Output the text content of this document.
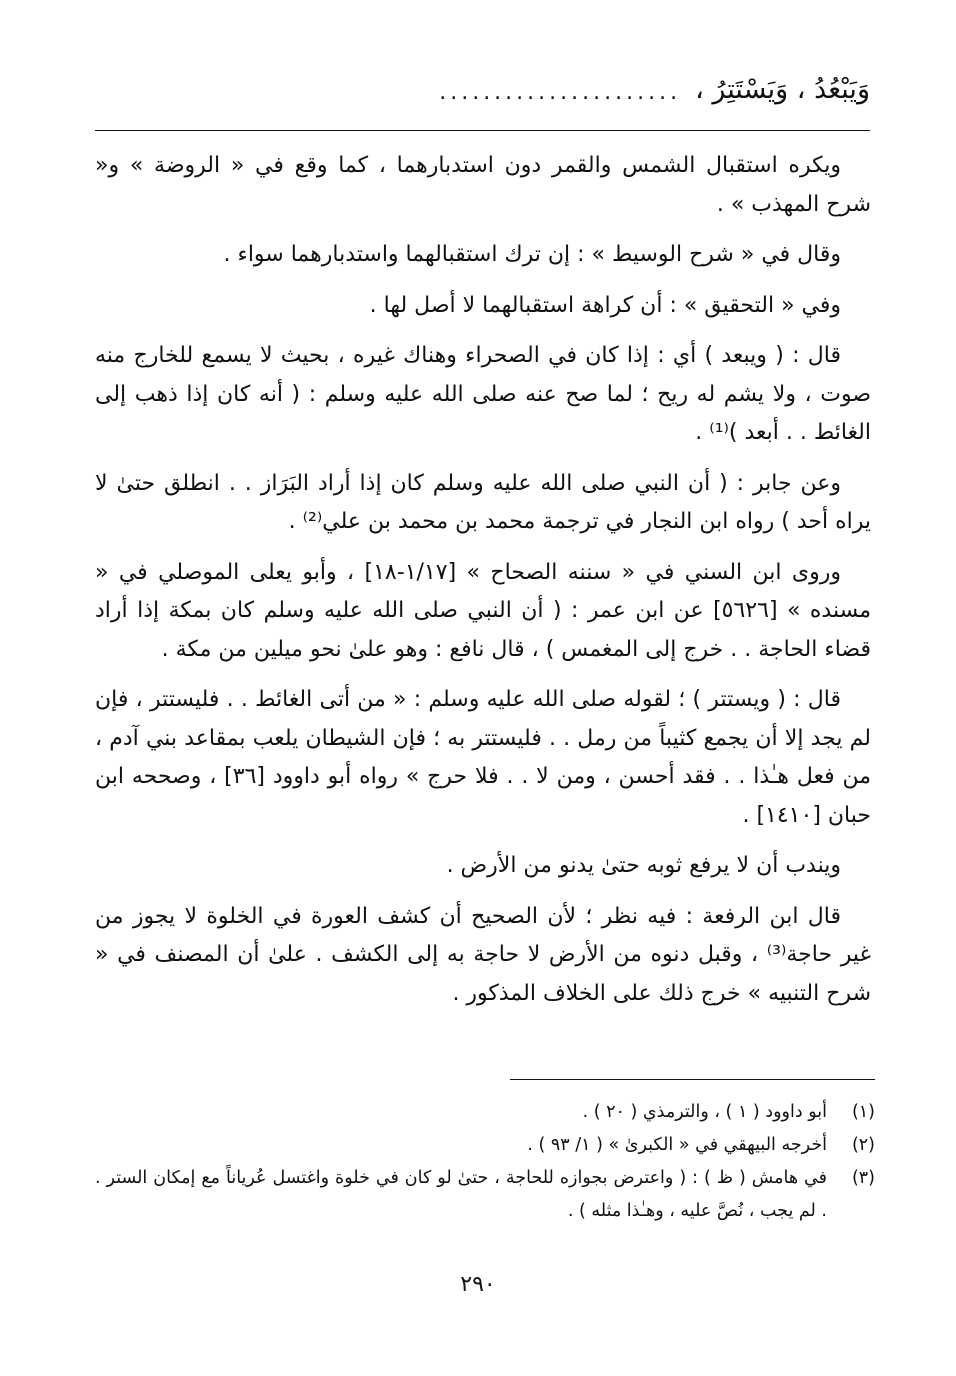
وَيَبْعُدُ ، وَيَسْتَتِرُ ،
......................

ويكره استقبال الشمس والقمر دون استدبارهما ، كما وقع في « الروضة » و« شرح المهذب » .

وقال في « شرح الوسيط » : إن ترك استقبالهما واستدبارهما سواء .

وفي « التحقيق » : أن كراهة استقبالهما لا أصل لها .

قال : ( ويبعد ) أي : إذا كان في الصحراء وهناك غيره ، بحيث لا يسمع للخارج منه صوت ، ولا يشم له ريح ؛ لما صح عنه صلى الله عليه وسلم : ( أنه كان إذا ذهب إلى الغائط . . أبعد )⁽¹⁾ .

وعن جابر : ( أن النبي صلى الله عليه وسلم كان إذا أراد البَرَاز . . انطلق حتىٰ لا يراه أحد ) رواه ابن النجار في ترجمة محمد بن محمد بن علي⁽²⁾ .

وروى ابن السني في « سننه الصحاح » [١/١٧-١٨] ، وأبو يعلى الموصلي في « مسنده » [٥٦٢٦] عن ابن عمر : ( أن النبي صلى الله عليه وسلم كان بمكة إذا أراد قضاء الحاجة . . خرج إلى المغمس ) ، قال نافع : وهو علىٰ نحو ميلين من مكة .

قال : ( ويستتر ) ؛ لقوله صلى الله عليه وسلم : « من أتى الغائط . . فليستتر ، فإن لم يجد إلا أن يجمع كثيباً من رمل . . فليستتر به ؛ فإن الشيطان يلعب بمقاعد بني آدم ، من فعل هـٰذا . . فقد أحسن ، ومن لا . . فلا حرج » رواه أبو داوود [٣٦] ، وصححه ابن حبان [١٤١٠] .

ويندب أن لا يرفع ثوبه حتىٰ يدنو من الأرض .

قال ابن الرفعة : فيه نظر ؛ لأن الصحيح أن كشف العورة في الخلوة لا يجوز من غير حاجة⁽³⁾ ، وقبل دنوه من الأرض لا حاجة به إلى الكشف . علىٰ أن المصنف في « شرح التنبيه » خرج ذلك على الخلاف المذكور .

(١)
أبو داوود ( ١ ) ، والترمذي ( ٢٠ ) .
(٢)
أخرجه البيهقي في « الكبرىٰ » ( ١/ ٩٣ ) .
(٣)
في هامش ( ظ ) : ( واعترض بجوازه للحاجة ، حتىٰ لو كان في خلوة واغتسل عُرياناً مع إمكان الستر . . لم يجب ، نُصَّ عليه ، وهـٰذا مثله ) .
٢٩٠
